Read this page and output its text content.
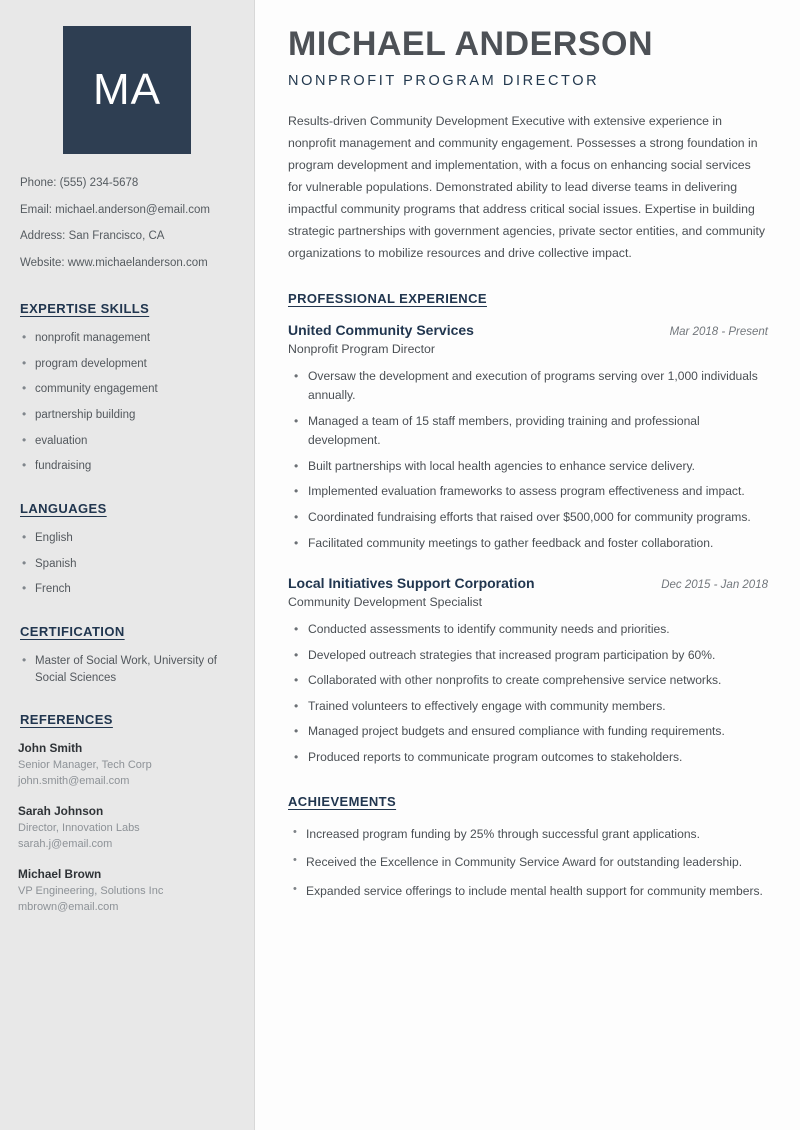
MA
Phone: (555) 234-5678
Email: michael.anderson@email.com
Address: San Francisco, CA
Website: www.michaelanderson.com
EXPERTISE SKILLS
• nonprofit management
• program development
• community engagement
• partnership building
• evaluation
• fundraising
LANGUAGES
• English
• Spanish
• French
CERTIFICATION
• Master of Social Work, University of Social Sciences
REFERENCES
John Smith
Senior Manager, Tech Corp
john.smith@email.com
Sarah Johnson
Director, Innovation Labs
sarah.j@email.com
Michael Brown
VP Engineering, Solutions Inc
mbrown@email.com
MICHAEL ANDERSON
NONPROFIT PROGRAM DIRECTOR

Results-driven Community Development Executive with extensive experience in nonprofit management and community engagement. Possesses a strong foundation in program development and implementation, with a focus on enhancing social services for vulnerable populations. Demonstrated ability to lead diverse teams in delivering impactful community programs that address critical social issues. Expertise in building strategic partnerships with government agencies, private sector entities, and community organizations to mobilize resources and drive collective impact.

PROFESSIONAL EXPERIENCE
United Community Services	Mar 2018 - Present
Nonprofit Program Director
• Oversaw the development and execution of programs serving over 1,000 individuals annually.
• Managed a team of 15 staff members, providing training and professional development.
• Built partnerships with local health agencies to enhance service delivery.
• Implemented evaluation frameworks to assess program effectiveness and impact.
• Coordinated fundraising efforts that raised over $500,000 for community programs.
• Facilitated community meetings to gather feedback and foster collaboration.
Local Initiatives Support Corporation	Dec 2015 - Jan 2018
Community Development Specialist
• Conducted assessments to identify community needs and priorities.
• Developed outreach strategies that increased program participation by 60%.
• Collaborated with other nonprofits to create comprehensive service networks.
• Trained volunteers to effectively engage with community members.
• Managed project budgets and ensured compliance with funding requirements.
• Produced reports to communicate program outcomes to stakeholders.
ACHIEVEMENTS
• Increased program funding by 25% through successful grant applications.
• Received the Excellence in Community Service Award for outstanding leadership.
• Expanded service offerings to include mental health support for community members.
